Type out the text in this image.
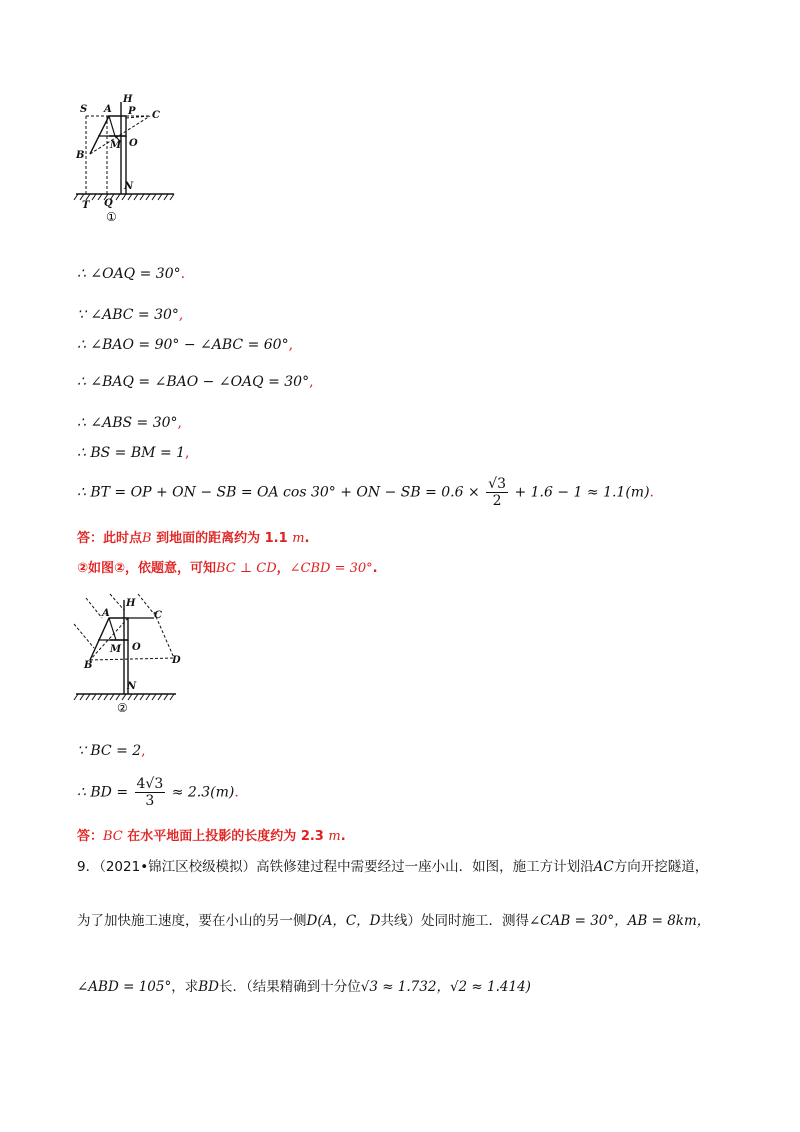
S A
H
P C
B
M O
N
T Q
①
∴ ∠OAQ = 30°.
∵ ∠ABC = 30°,
∴ ∠BAO = 90° − ∠ABC = 60°,
∴ ∠BAQ = ∠BAO − ∠OAQ = 30°,
∴ ∠ABS = 30°,
∴ BS = BM = 1,
∴ BT = OP + ON − SB = OA cos 30° + ON − SB = $0.6 \times \frac{√3}{2} + 1.6 - 1 \approx 1.1(m)$.
答：此时点B 到地面的距离约为 1.1 m.
②如图②，依题意，可知BC ⊥ CD，∠CBD = 30°.
A
H
C
B
M O
D
N
②
∵ BC = 2,
∴ BD = $\frac{4√3}{3} \approx 2.3(m)$.
答：BC 在水平地面上投影的长度约为 2.3 m.
9．（2021•锦江区校级模拟）高铁修建过程中需要经过一座小山．如图，施工方计划沿AC方向开挖隧道，
为了加快施工速度，要在小山的另一侧D(A，C，D共线）处同时施工．测得∠CAB = 30°，AB = 8km，
∠ABD = 105°，求BD长．（结果精确到十分位√3 ≈ 1.732，√2 ≈ 1.414)
